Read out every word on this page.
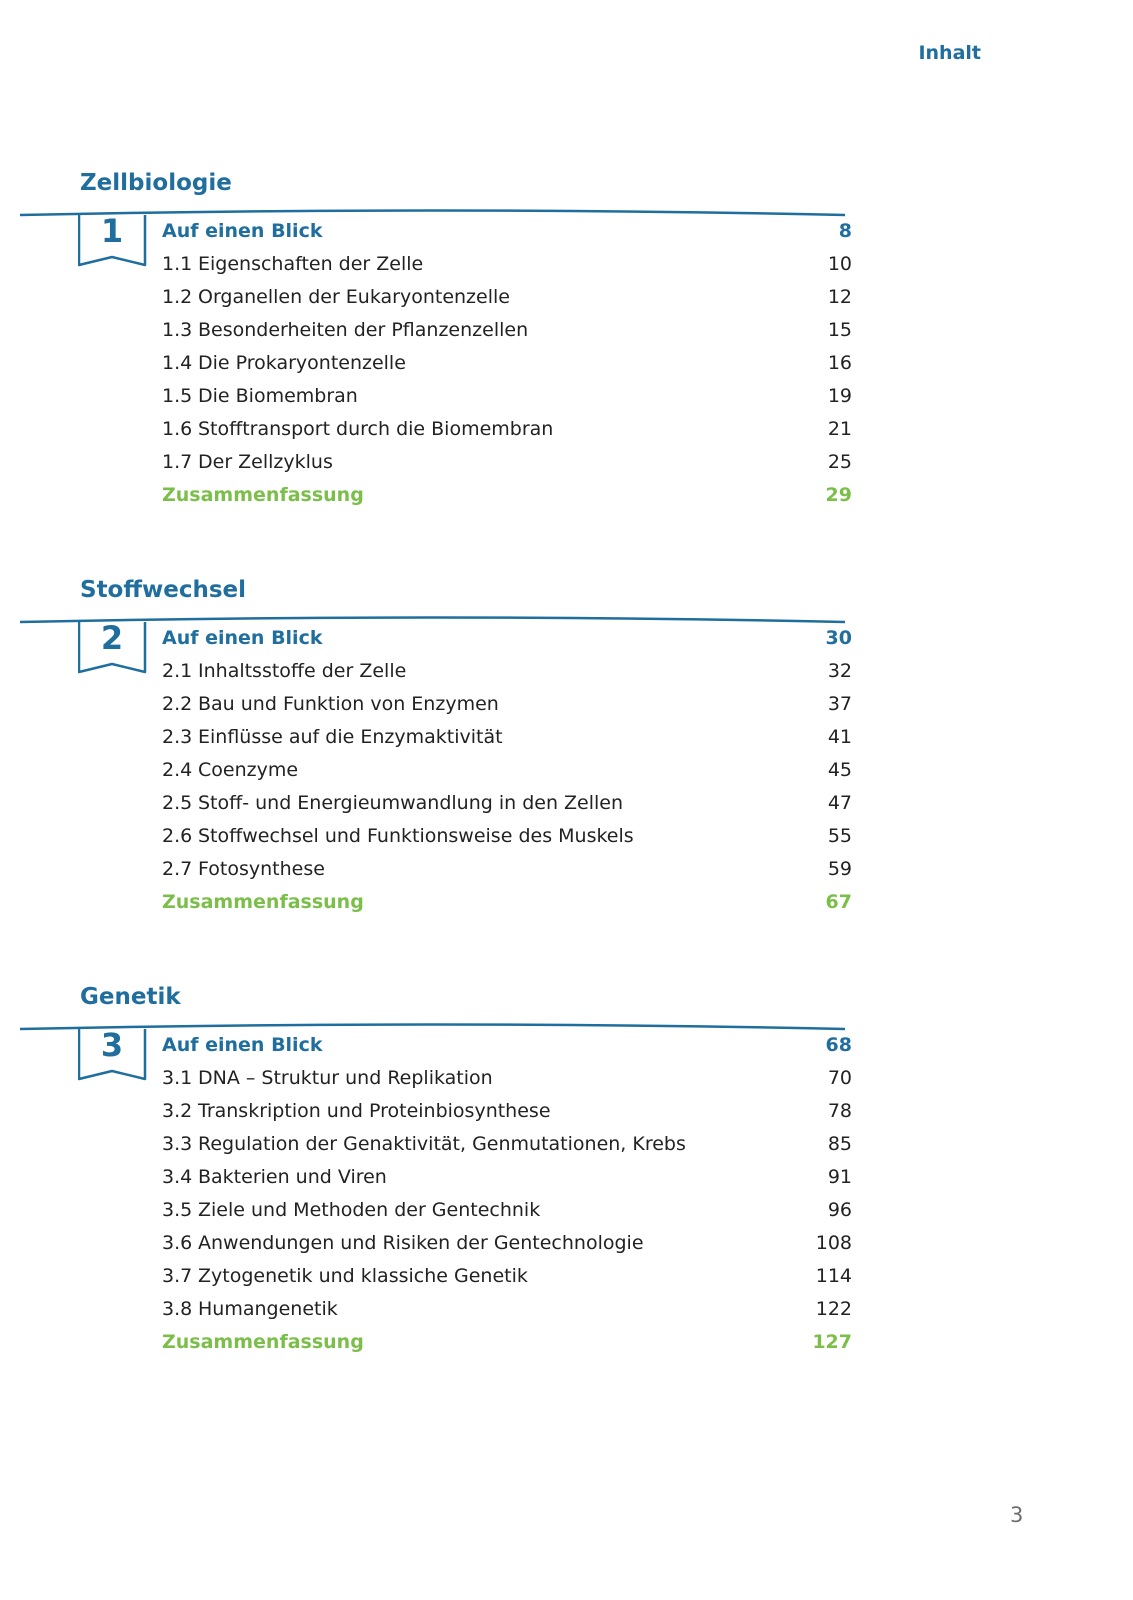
Inhalt
Zellbiologie
1	Auf einen Blick	8
1.1 Eigenschaften der Zelle	10
1.2 Organellen der Eukaryontenzelle	12
1.3 Besonderheiten der Pflanzenzellen	15
1.4 Die Prokaryontenzelle	16
1.5 Die Biomembran	19
1.6 Stofftransport durch die Biomembran	21
1.7 Der Zellzyklus	25
Zusammenfassung	29
Stoffwechsel
2	Auf einen Blick	30
2.1 Inhaltsstoffe der Zelle	32
2.2 Bau und Funktion von Enzymen	37
2.3 Einflüsse auf die Enzymaktivität	41
2.4 Coenzyme	45
2.5 Stoff- und Energieumwandlung in den Zellen	47
2.6 Stoffwechsel und Funktionsweise des Muskels	55
2.7 Fotosynthese	59
Zusammenfassung	67
Genetik
3	Auf einen Blick	68
3.1 DNA – Struktur und Replikation	70
3.2 Transkription und Proteinbiosynthese	78
3.3 Regulation der Genaktivität, Genmutationen, Krebs	85
3.4 Bakterien und Viren	91
3.5 Ziele und Methoden der Gentechnik	96
3.6 Anwendungen und Risiken der Gentechnologie	108
3.7 Zytogenetik und klassiche Genetik	114
3.8 Humangenetik	122
Zusammenfassung	127
3
